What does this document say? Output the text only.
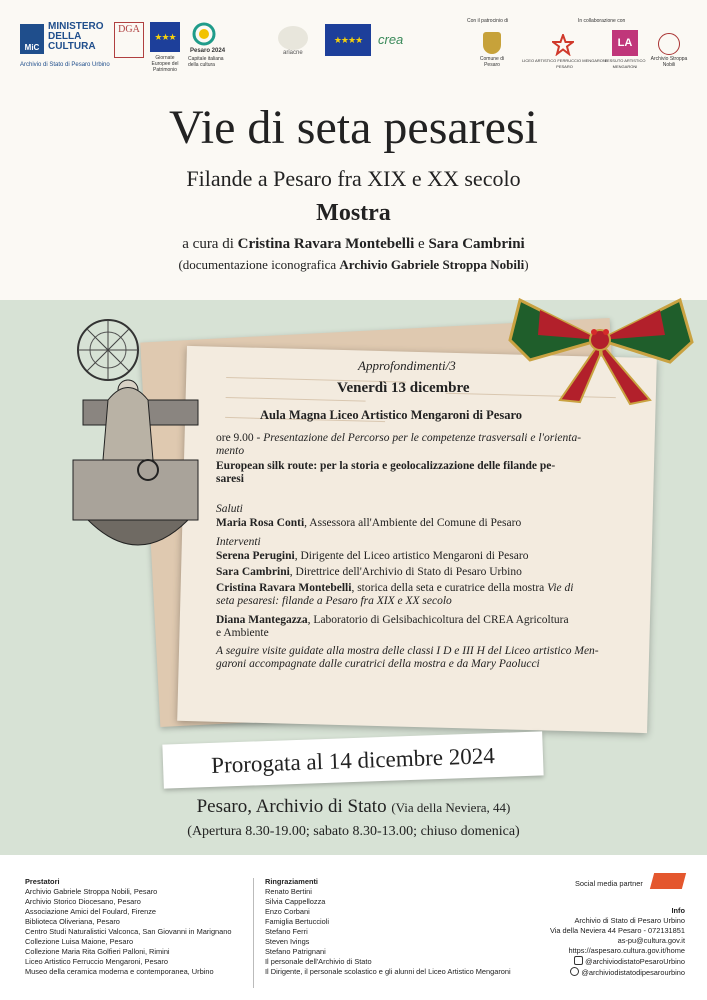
MiC
MINISTERO
DELLA
CULTURA
Archivio di Stato di Pesaro Urbino
DGA
★★★
Giornate Europee del Patrimonio
Pesaro 2024
Capitale italiana della cultura
ariacne
★★★★	crea
Con il patrocinio di
Comune di Pesaro
In collaborazione con
LICEO ARTISTICO FERRUCCIO MENGARONI PESARO
LA
TESSUTO ARTISTICO MENGARONI
Archivio Stroppa Nobili
Vie di seta pesaresi
Filande a Pesaro fra XIX e XX secolo
Mostra
a cura di Cristina Ravara Montebelli e Sara Cambrini
(documentazione iconografica Archivio Gabriele Stroppa Nobili)
Approfondimenti/3
Venerdì 13 dicembre
Aula Magna Liceo Artistico Mengaroni di Pesaro
ore 9.00 - Presentazione del Percorso per le competenze trasversali e l'orienta-
mento
European silk route: per la storia e geolocalizzazione delle filande pe-
saresi
Saluti
Maria Rosa Conti, Assessora all'Ambiente del Comune di Pesaro
Interventi
Serena Perugini, Dirigente del Liceo artistico Mengaroni di Pesaro
Sara Cambrini, Direttrice dell'Archivio di Stato di Pesaro Urbino
Cristina Ravara Montebelli, storica della seta e curatrice della mostra Vie di
seta pesaresi: filande a Pesaro fra XIX e XX secolo
Diana Mantegazza, Laboratorio di Gelsibachicoltura del CREA Agricoltura
e Ambiente
A seguire visite guidate alla mostra delle classi I D e III H del Liceo artistico Men-
garoni accompagnate dalle curatrici della mostra e da Mary Paolucci
Prorogata al 14 dicembre 2024
Pesaro, Archivio di Stato (Via della Neviera, 44)
(Apertura 8.30-19.00; sabato 8.30-13.00; chiuso domenica)
Prestatori
Archivio Gabriele Stroppa Nobili, Pesaro
Archivio Storico Diocesano, Pesaro
Associazione Amici del Foulard, Firenze
Biblioteca Oliveriana, Pesaro
Centro Studi Naturalistici Valconca, San Giovanni in Marignano
Collezione Luisa Maione, Pesaro
Collezione Maria Rita Golfieri Palloni, Rimini
Liceo Artistico Ferruccio Mengaroni, Pesaro
Museo della ceramica moderna e contemporanea, Urbino
Ringraziamenti
Renato Bertini
Silvia Cappellozza
Enzo Corbani
Famiglia Bertuccioli
Stefano Ferri
Steven Ivings
Stefano Patrignani
Il personale dell'Archivio di Stato
Il Dirigente, il personale scolastico e gli alunni del Liceo Artistico Mengaroni
Social media partner
Info
Archivio di Stato di Pesaro Urbino
Via della Neviera 44 Pesaro - 072131851
as-pu@cultura.gov.it
https://aspesaro.cultura.gov.it/home
@archiviodistatoPesaroUrbino
@archiviodistatodipesarourbino
